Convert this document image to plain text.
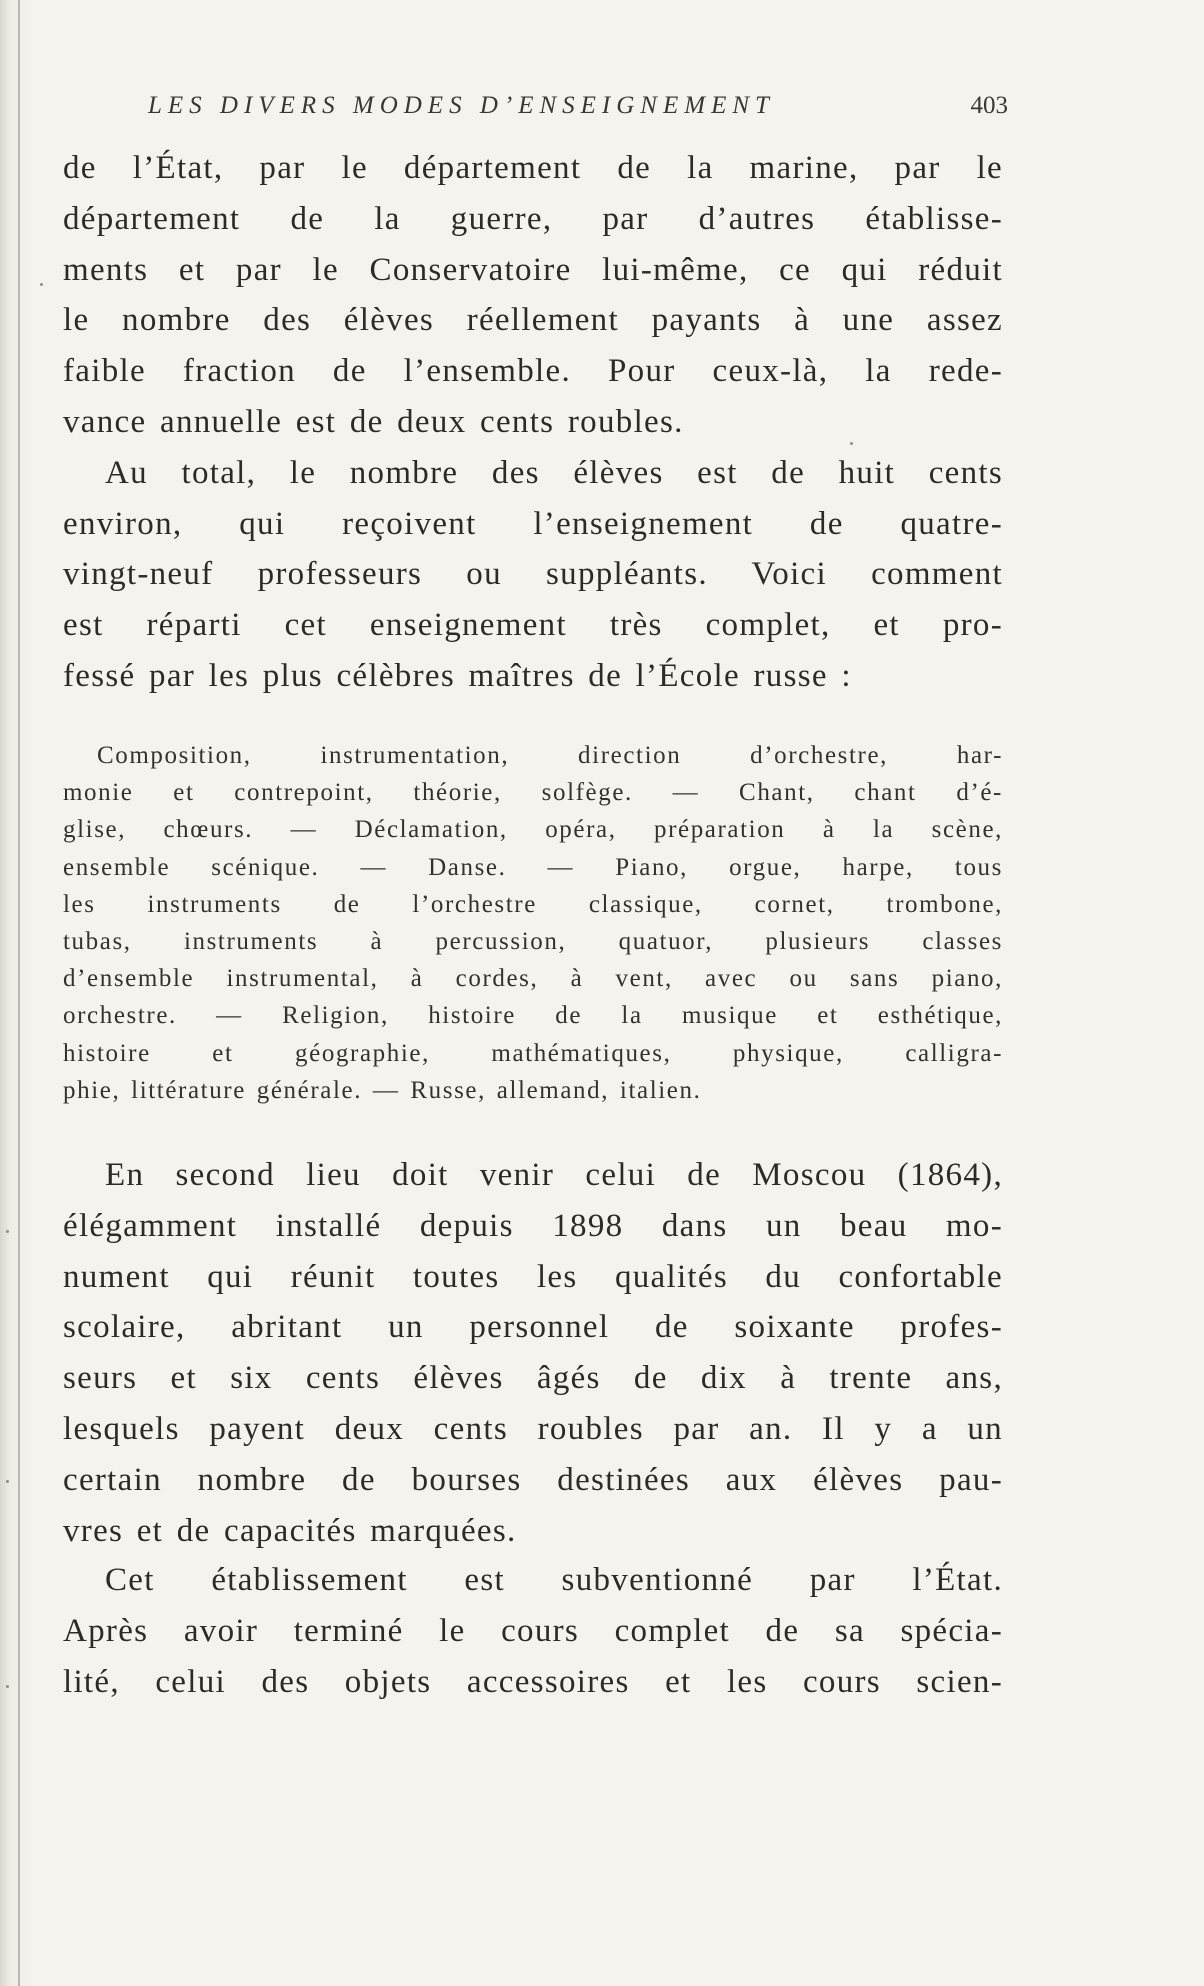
LES DIVERS MODES D’ENSEIGNEMENT	403
de l’État, par le département de la marine, par le
département de la guerre, par d’autres établisse-
ments et par le Conservatoire lui-même, ce qui réduit
le nombre des élèves réellement payants à une assez
faible fraction de l’ensemble. Pour ceux-là, la rede-
vance annuelle est de deux cents roubles.
Au total, le nombre des élèves est de huit cents
environ, qui reçoivent l’enseignement de quatre-
vingt-neuf professeurs ou suppléants. Voici comment
est réparti cet enseignement très complet, et pro-
fessé par les plus célèbres maîtres de l’École russe :
Composition, instrumentation, direction d’orchestre, har-
monie et contrepoint, théorie, solfège. — Chant, chant d’é-
glise, chœurs. — Déclamation, opéra, préparation à la scène,
ensemble scénique. — Danse. — Piano, orgue, harpe, tous
les instruments de l’orchestre classique, cornet, trombone,
tubas, instruments à percussion, quatuor, plusieurs classes
d’ensemble instrumental, à cordes, à vent, avec ou sans piano,
orchestre. — Religion, histoire de la musique et esthétique,
histoire et géographie, mathématiques, physique, calligra-
phie, littérature générale. — Russe, allemand, italien.
En second lieu doit venir celui de Moscou (1864),
élégamment installé depuis 1898 dans un beau mo-
nument qui réunit toutes les qualités du confortable
scolaire, abritant un personnel de soixante profes-
seurs et six cents élèves âgés de dix à trente ans,
lesquels payent deux cents roubles par an. Il y a un
certain nombre de bourses destinées aux élèves pau-
vres et de capacités marquées.
Cet établissement est subventionné par l’État.
Après avoir terminé le cours complet de sa spécia-
lité, celui des objets accessoires et les cours scien-
